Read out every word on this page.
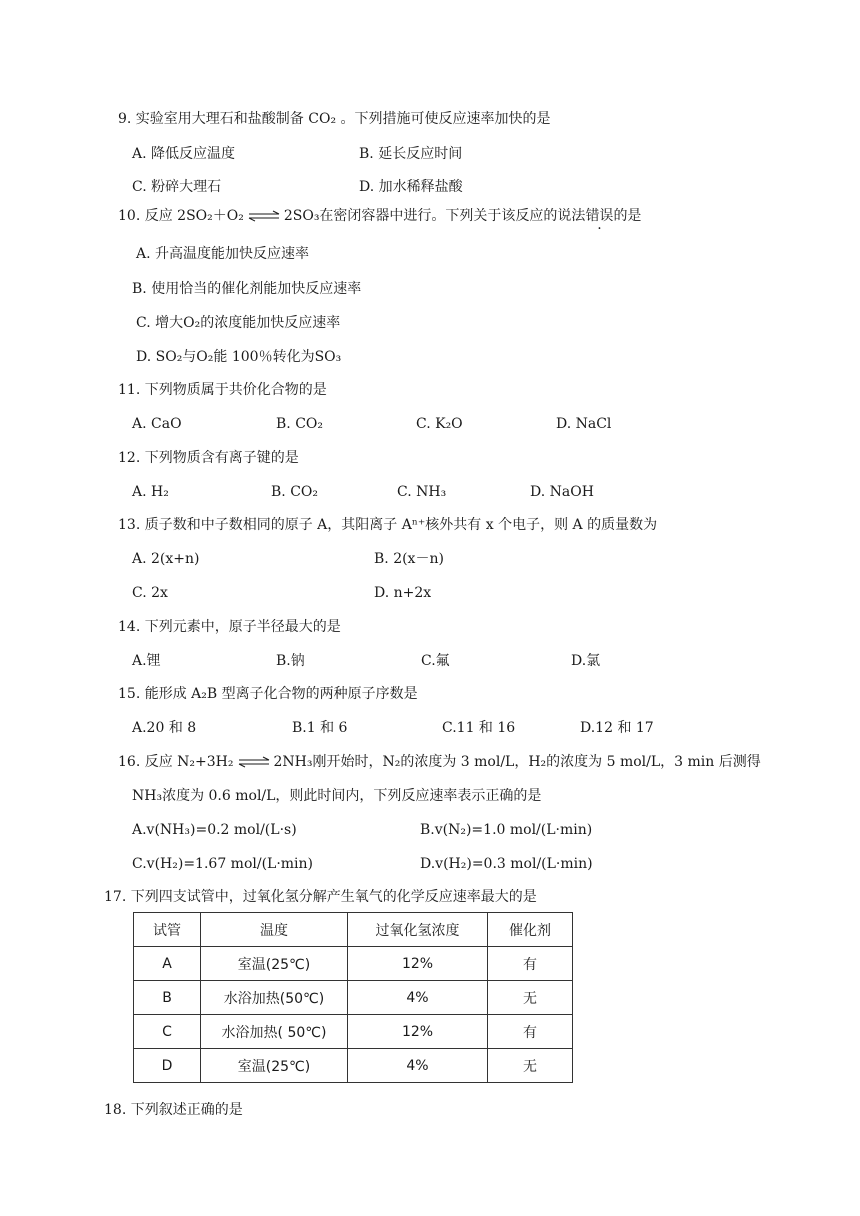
9. 实验室用大理石和盐酸制备 CO₂ 。下列措施可使反应速率加快的是
A. 降低反应温度	B. 延长反应时间
C. 粉碎大理石	D. 加水稀释盐酸
10. 反应 2SO₂＋O₂ ⇌ 2SO₃在密闭容器中进行。下列关于该反应的说法错误的是
A. 升高温度能加快反应速率
B. 使用恰当的催化剂能加快反应速率
C. 增大O₂的浓度能加快反应速率
D. SO₂与O₂能 100％转化为SO₃
11. 下列物质属于共价化合物的是
A. CaO	B. CO₂	C. K₂O	D. NaCl
12. 下列物质含有离子键的是
A. H₂	B. CO₂	C. NH₃	D. NaOH
13. 质子数和中子数相同的原子 A，其阳离子 Aⁿ⁺核外共有 x 个电子，则 A 的质量数为
A. 2(x+n)	B. 2(x－n)
C. 2x	D. n+2x
14. 下列元素中，原子半径最大的是
A.锂	B.钠	C.氟	D.氯
15. 能形成 A₂B 型离子化合物的两种原子序数是
A.20 和 8	B.1 和 6	C.11 和 16	D.12 和 17
16. 反应 N₂+3H₂ ⇌ 2NH₃刚开始时，N₂的浓度为 3 mol/L，H₂的浓度为 5 mol/L，3 min 后测得
NH₃浓度为 0.6 mol/L，则此时间内，下列反应速率表示正确的是
A.v(NH₃)=0.2 mol/(L·s)	B.v(N₂)=1.0 mol/(L·min)
C.v(H₂)=1.67 mol/(L·min)	D.v(H₂)=0.3 mol/(L·min)
17. 下列四支试管中，过氧化氢分解产生氧气的化学反应速率最大的是
试管	温度	过氧化氢浓度	催化剂
A	室温(25℃)	12%	有
B	水浴加热(50℃)	4%	无
C	水浴加热( 50℃)	12%	有
D	室温(25℃)	4%	无
18. 下列叙述正确的是
